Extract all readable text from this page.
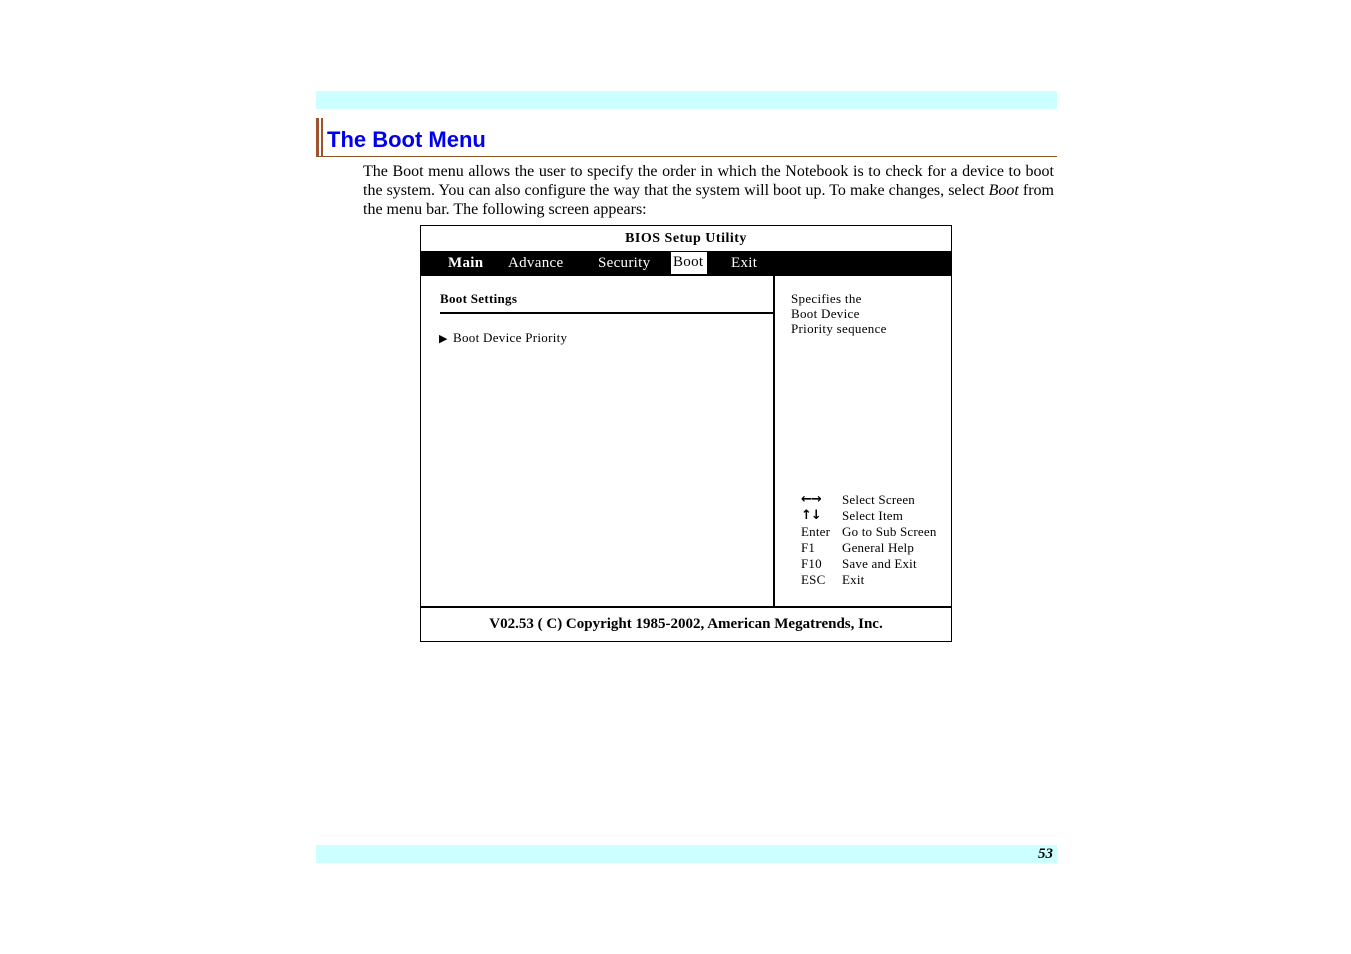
The Boot Menu

The Boot menu allows the user to specify the order in which the Notebook is to check for a device to boot the system. You can also configure the way that the system will boot up. To make changes, select Boot from the menu bar. The following screen appears:

BIOS Setup Utility
Main Advance Security Boot Exit
Boot Settings
▶ Boot Device Priority
Specifies the
Boot Device
Priority sequence
←→	Select Screen
↑↓	Select Item
Enter Go to Sub Screen
F1	General Help
F10	Save and Exit
ESC	Exit
V02.53 ( C) Copyright 1985-2002, American Megatrends, Inc.
53
